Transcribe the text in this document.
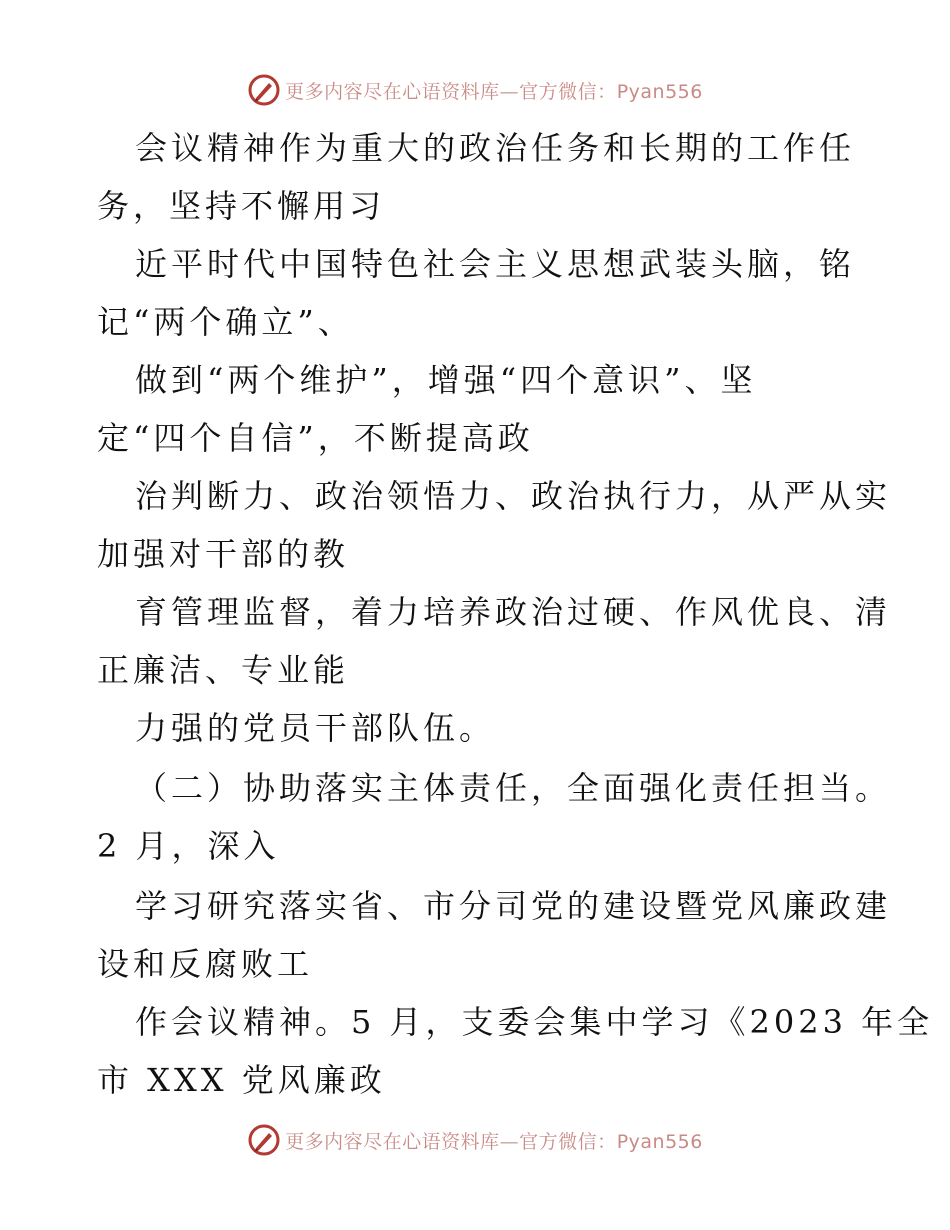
更多内容尽在心语资料库—官方微信：Pyan556
会议精神作为重大的政治任务和长期的工作任
务，坚持不懈用习
近平时代中国特色社会主义思想武装头脑，铭
记“两个确立”、
做到“两个维护”，增强“四个意识”、坚
定“四个自信”，不断提高政
治判断力、政治领悟力、政治执行力，从严从实
加强对干部的教
育管理监督，着力培养政治过硬、作风优良、清
正廉洁、专业能
力强的党员干部队伍。
（二）协助落实主体责任，全面强化责任担当。
2 月，深入
学习研究落实省、市分司党的建设暨党风廉政建
设和反腐败工
作会议精神。5 月，支委会集中学习《2023 年全
市 XXX 党风廉政
更多内容尽在心语资料库—官方微信：Pyan556
